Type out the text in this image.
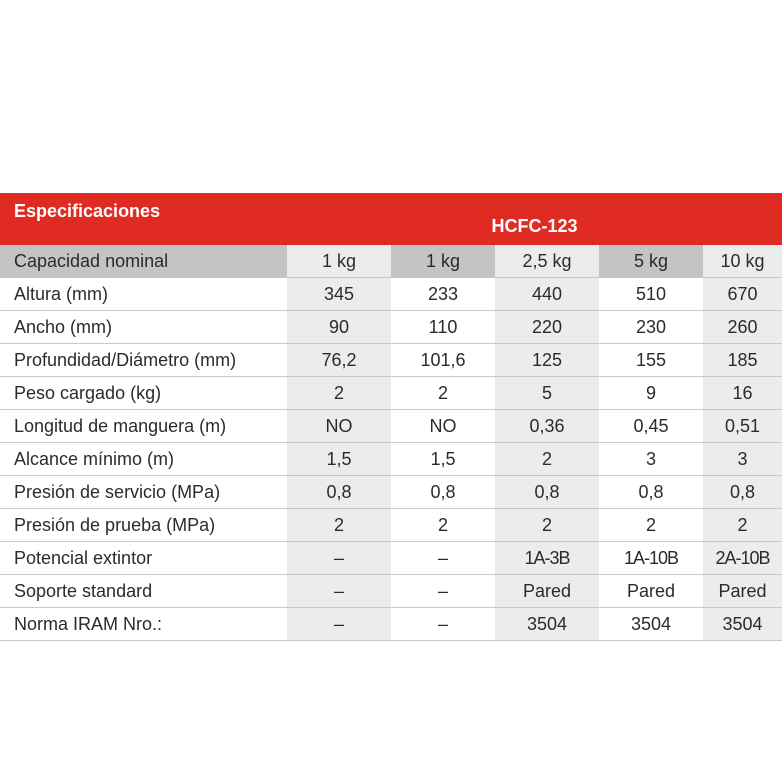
Especificaciones	HCFC-123				
Capacidad nominal	1 kg	1 kg	2,5 kg	5 kg	10 kg
Altura (mm)	345	233	440	510	670
Ancho (mm)	90	110	220	230	260
Profundidad/Diámetro (mm)	76,2	101,6	125	155	185
Peso cargado (kg)	2	2	5	9	16
Longitud de manguera (m)	NO	NO	0,36	0,45	0,51
Alcance mínimo (m)	1,5	1,5	2	3	3
Presión de servicio (MPa)	0,8	0,8	0,8	0,8	0,8
Presión de prueba (MPa)	2	2	2	2	2
Potencial extintor	–	–	1A-3B	1A-10B	2A-10B
Soporte standard	–	–	Pared	Pared	Pared
Norma IRAM Nro.:	–	–	3504	3504	3504
